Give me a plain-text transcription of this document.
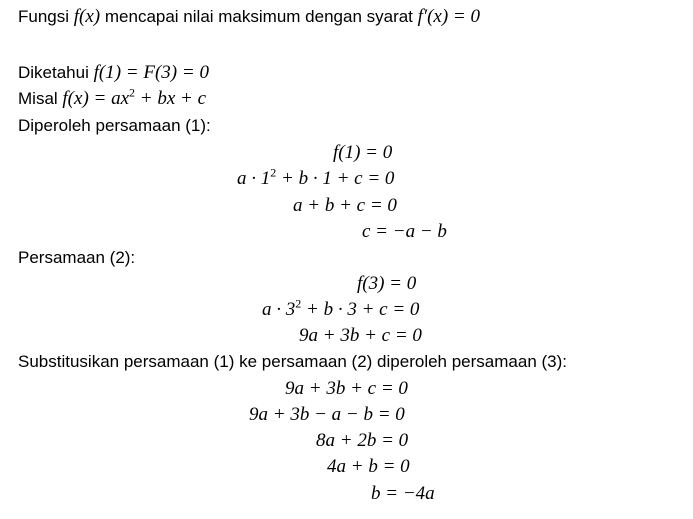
Fungsi f(x) mencapai nilai maksimum dengan syarat f′(x) = 0
Diketahui f(1) = F(3) = 0
Misal $f(x) = ax^2$ + bx + c
Diperoleh persamaan (1):
f(1) = 0
$a \cdot 1^2 + b \cdot 1 + c = 0$
a + b + c = 0
c = −a − b
Persamaan (2):
f(3) = 0
$a \cdot 3^2 + b \cdot 3 + c = 0$
9a + 3b + c = 0
Substitusikan persamaan (1) ke persamaan (2) diperoleh persamaan (3):
9a + 3b + c = 0
9a + 3b − a − b = 0
8a + 2b = 0
4a + b = 0
b = −4a
